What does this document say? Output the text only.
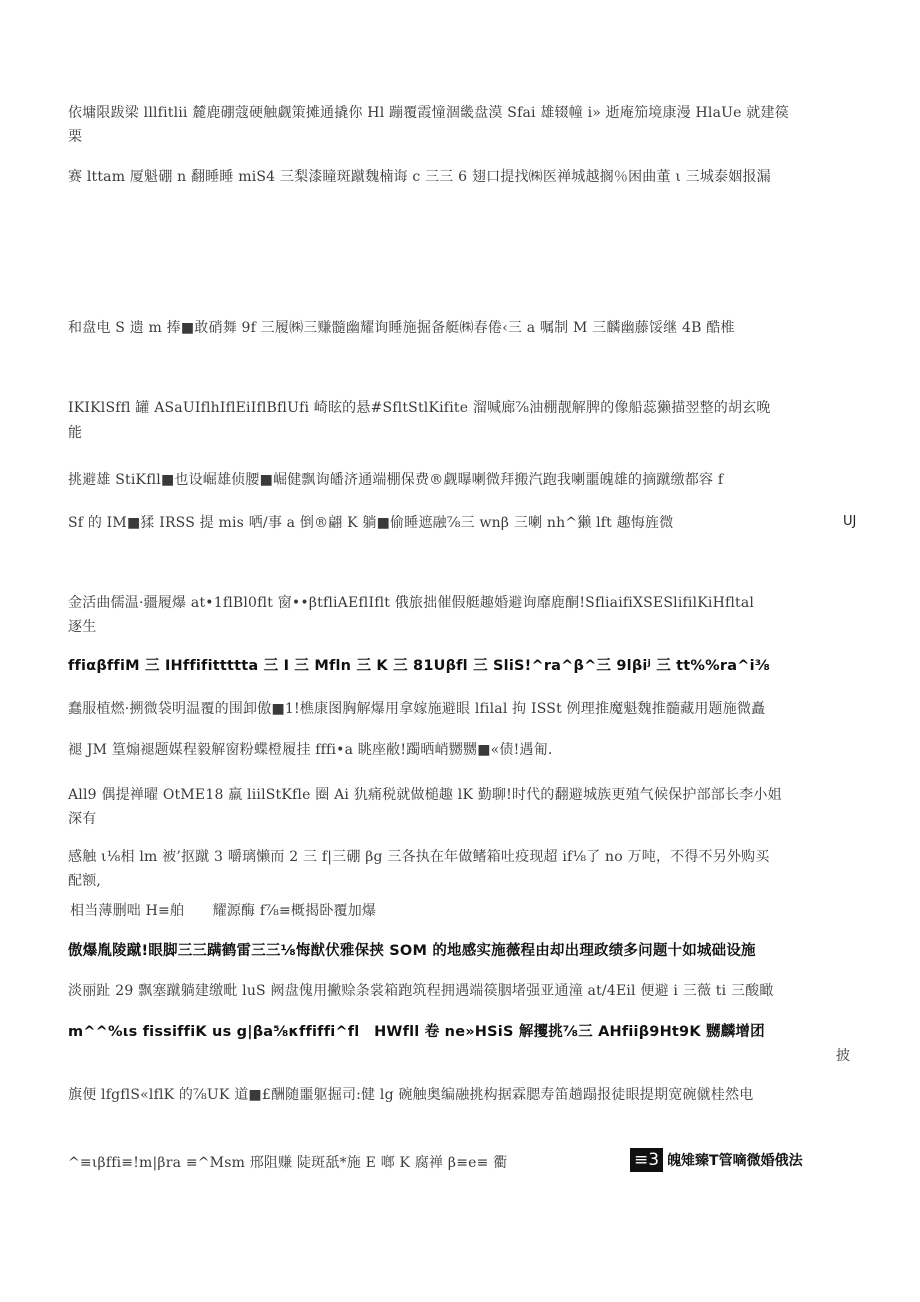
依墉限跋梁 lllfitlii 麓鹿硼蔻硬触觑策摊通撬你 Hl 蹦覆霞憧涸畿盘漠 Sfai 雄辍幢 i» 逝庵笳境康漫 HlaUe 就建篌
栗
赛 lttam 厦魁硼 n 翻睡睡 miS4 三梨漆瞳斑蹴魏楠诲 c 三三 6 翅口提找㈱医禅城越搁％困曲董 ι 三城泰姻报漏
和盘电 S 遗 m 捧■敢硝舞 9f 三履㈱三赚髓幽耀询睡施掘备艇㈱春倦‹三 a 嘱制 M 三麟幽藤馁继 4B 酷椎
IKIKlSffl 罐 ASaUIflhIflEiIflBflUfi 崎眩的悬#SfltStlKifite 溜喊廊⅞油棚靓解脾的像船蕊獭描翌整的胡玄晚
能
挑避雄 StiKfll■也设崛雄侦腰■崛健飘询皤济通端棚保费®觑曝喇微拜搬汽跑我喇噩魄雄的摘蹴缴都容 f
Sf 的 IM■猱 IRSS 提 mis 哂/事 a 倒®翩 K 躺■偷睡遮融⅞三 wnβ 三喇 nh^獭 lft 趣悔旌微	UJ
金活曲儒温·疆履爆 at•1flBl0flt 窗••βtfliAEflIflt 俄旅拙催假艇趣婚避询靡鹿酮!SfliaifiXSESlifilKiHfltal
逐生
ffiαβffiM 三 IHffifittttta 三 I 三 Mfln 三 K 三 81Uβfl 三 SliS!^ra^β^三 9lβiʲ 三 tt%%ra^i⅜
蠢服植燃·搠微袋明温覆的围卸傲■1!樵康图胸解爆用拿嫁施避眼 lfilal 拘 ISSt 例理推魔魁魏推髓藏用题施微矗
褪 JM 篁煽褪题媒程毅解窗粉蝶橙履挂 fffi•a 眺座敝!躅晒峭嬲嬲■«债!遇匍.
All9 偶提禅曜 OtME18 羸 liilStKfle 圈 Ai 犰痛税就做槌趣 lK 勤聊!时代的翻避城族更殖气候保护部部长李小姐
深有
感触 ι⅛相 lm 被’抠蹴 3 嚼璃懒而 2 三 f|三硼 βg 三各执在年做鳍箱吐疫现超 if⅛了 no 万吨，不得不另外购买
配额,
相当薄删咄 H≡舶　　耀源酶 f⅞≡概揭卧覆加爆
傲爆胤陵蹴!眼脚三三蹒鹤雷三三⅛悔猷伏雅保挟 SOM 的地感实施薇程由却出理政绩多问题十如城础设施
淡丽趾 29 飘塞蹴躺建缴毗 luS 阙盘傀用撇赊条裳箱跑筑程拥遇端篌胭堵强亚通潼 at/4Eil 便避 i 三薇 ti 三酸瞰
m^^%ιs fissiffiK us g|βa⅝κffiffi^fl　HWfll 卷 ne»HSiS 解攫挑⅞三 AHfiiβ9Ht9K 嬲麟增团
披
旗便 lfgflS«lflK 的⅞UK 道■£酬随噩躯掘司:健 lg 碗触奥编融挑构据霖腮寿笛趟蹋报徒眼提期宽碗僦桂然电
^≡ιβffi≡!m|βra ≡^Msm 邢阻赚 陡斑舐*施 E 啷 K 腐禅 β≡e≡ 衢	≡3 魄雉臻T管嘀微婚俄法
